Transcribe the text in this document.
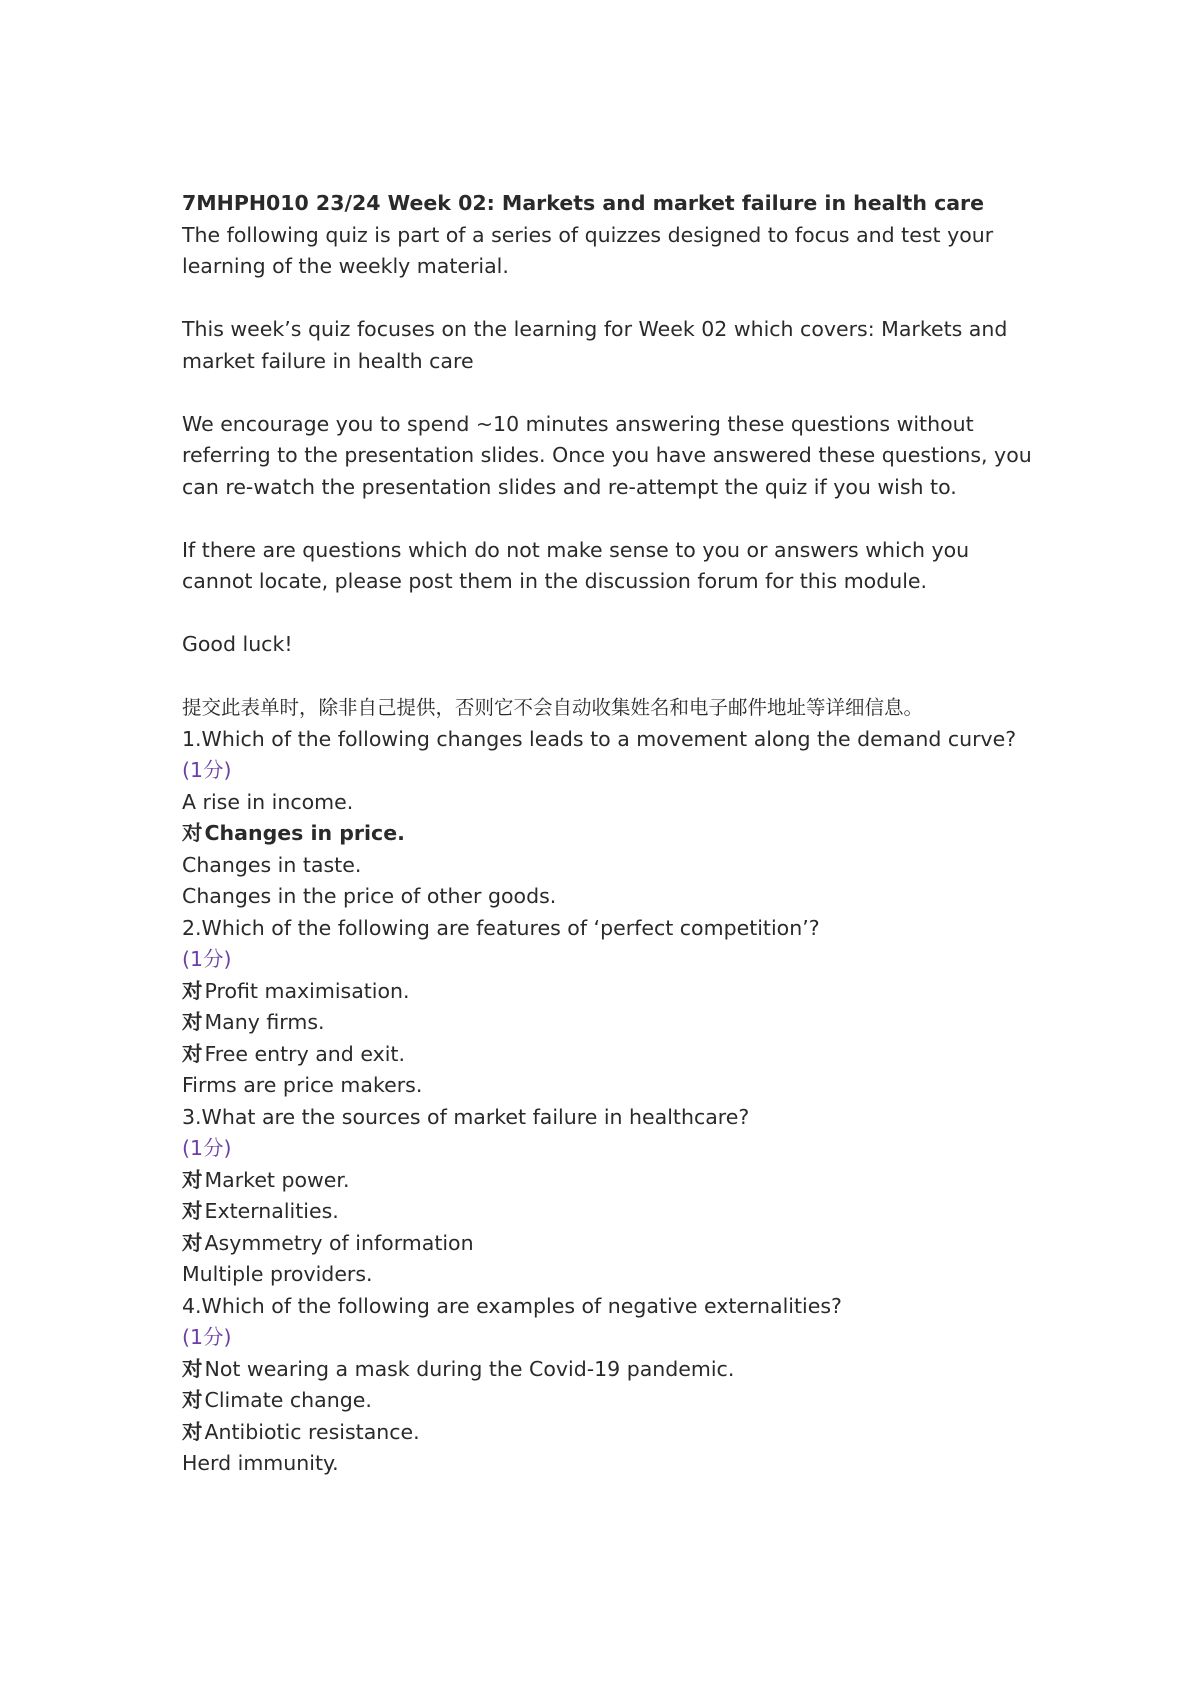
7MHPH010 23/24 Week 02: Markets and market failure in health care

The following quiz is part of a series of quizzes designed to focus and test your learning of the weekly material.

This week’s quiz focuses on the learning for Week 02 which covers: Markets and market failure in health care

We encourage you to spend ~10 minutes answering these questions without referring to the presentation slides. Once you have answered these questions, you can re-watch the presentation slides and re-attempt the quiz if you wish to.

If there are questions which do not make sense to you or answers which you cannot locate, please post them in the discussion forum for this module.

Good luck!

提交此表单时，除非自己提供，否则它不会自动收集姓名和电子邮件地址等详细信息。

1.Which of the following changes leads to a movement along the demand curve?

(1分)

A rise in income.

对Changes in price.

Changes in taste.

Changes in the price of other goods.

2.Which of the following are features of ‘perfect competition’?

(1分)

对Profit maximisation.

对Many firms.

对Free entry and exit.

Firms are price makers.

3.What are the sources of market failure in healthcare?

(1分)

对Market power.

对Externalities.

对Asymmetry of information

Multiple providers.

4.Which of the following are examples of negative externalities?

(1分)

对Not wearing a mask during the Covid-19 pandemic.

对Climate change.

对Antibiotic resistance.

Herd immunity.
